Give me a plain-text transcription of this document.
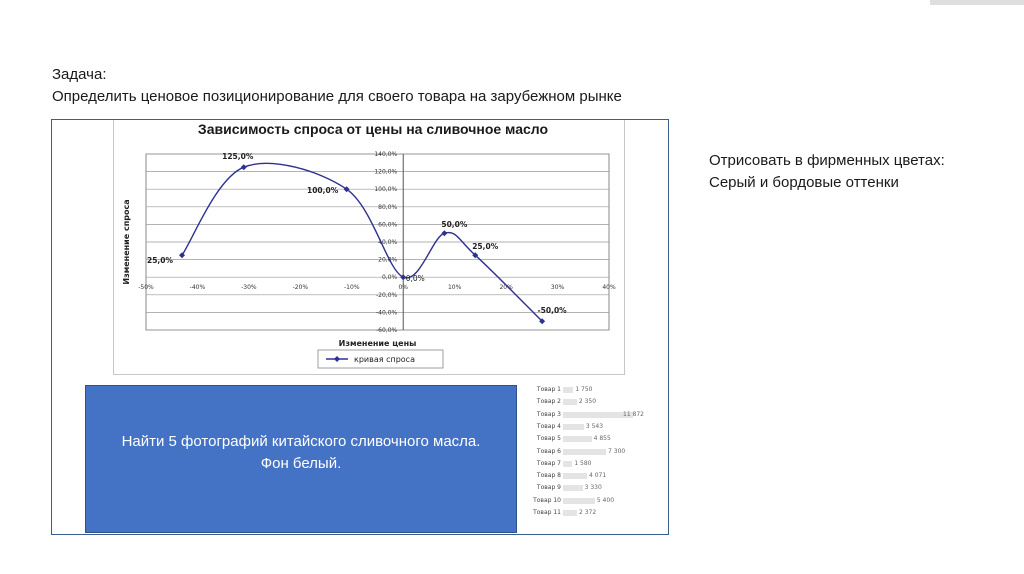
Задача:
Определить ценовое позиционирование для своего товара на зарубежном рынке
Зависимость спроса от цены на сливочное масло
140,0%
120,0%
100,0%
80,0%
60,0%
40,0%
20,0%
0,0%
-20,0%
-40,0%
-60,0%
-50%	-40%	-30%	-20%	-10%	0%	10%	20%	30%	40%
Изменение цены
Изменение спроса 25,0%
125,0%
100,0%
0,0%
50,0%
25,0%
-50,0%
кривая спроса
Найти 5 фотографий китайского сливочного масла.
Фон белый.
Товар 1 1 750
Товар 2	2 350
Товар 3	11 872
Товар 4	3 543
Товар 5	4 855
Товар 6	7 300
Товар 7 1 580
Товар 8	4 071
Товар 9	3 330
Товар 10	5 400
Товар 11	2 372
Отрисовать в фирменных цветах:
Серый и бордовые оттенки
